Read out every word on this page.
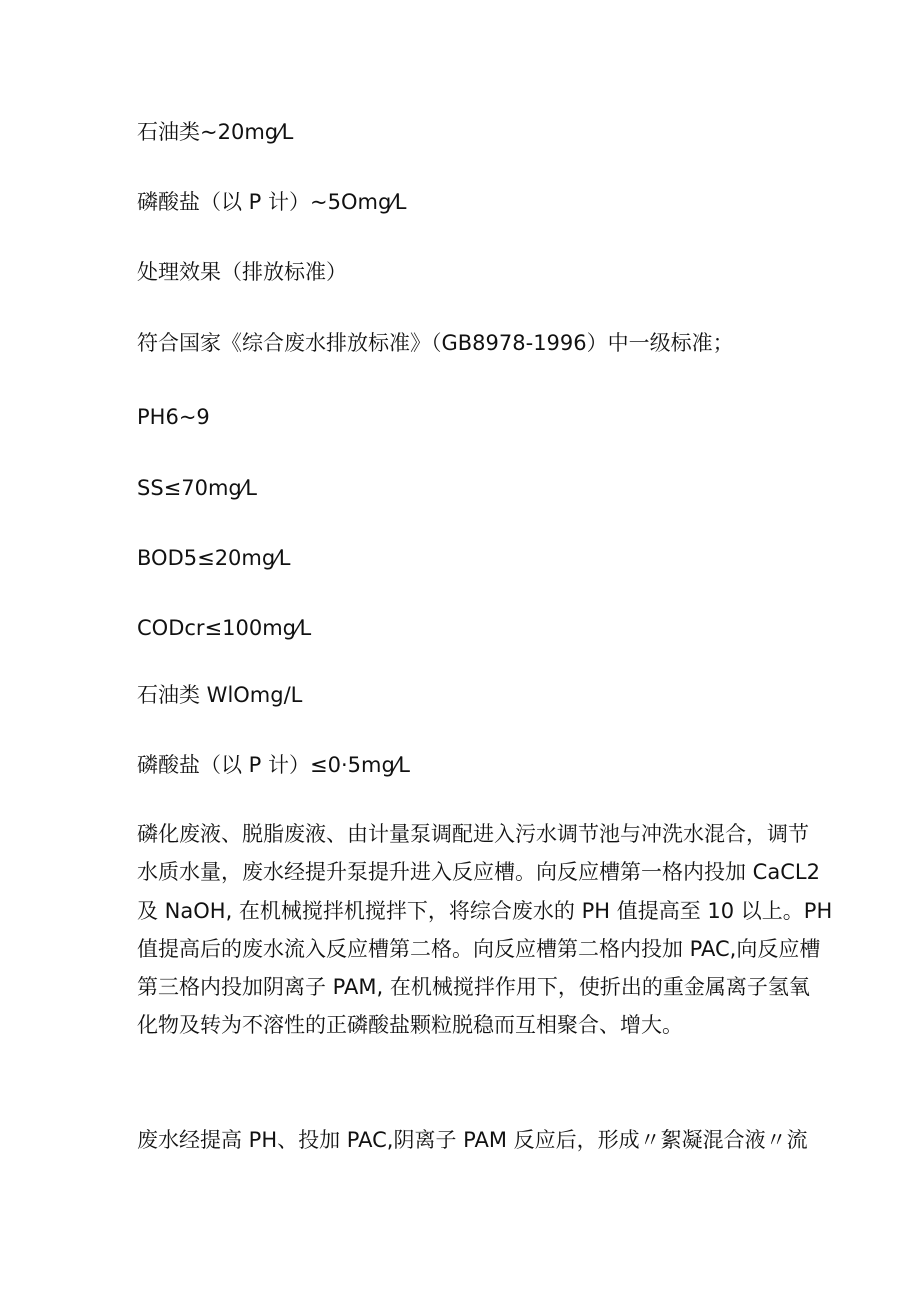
石油类~20mg⁄L
磷酸盐（以 P 计）~5Omg⁄L
处理效果（排放标准）
符合国家《综合废水排放标准》（GB8978-1996）中一级标准；
PH6~9
SS≤70mg⁄L
BOD5≤20mg⁄L
CODcr≤100mg⁄L
石油类 WlOmg/L
磷酸盐（以 P 计）≤0·5mg⁄L
磷化废液、脱脂废液、由计量泵调配进入污水调节池与冲洗水混合，调节
水质水量，废水经提升泵提升进入反应槽。向反应槽第一格内投加 CaCL2
及 NaOH, 在机械搅拌机搅拌下，将综合废水的 PH 值提高至 10 以上。PH
值提高后的废水流入反应槽第二格。向反应槽第二格内投加 PAC,向反应槽
第三格内投加阴离子 PAM, 在机械搅拌作用下，使折出的重金属离子氢氧
化物及转为不溶性的正磷酸盐颗粒脱稳而互相聚合、增大。
废水经提高 PH、投加 PAC,阴离子 PAM 反应后，形成〃絮凝混合液〃流
